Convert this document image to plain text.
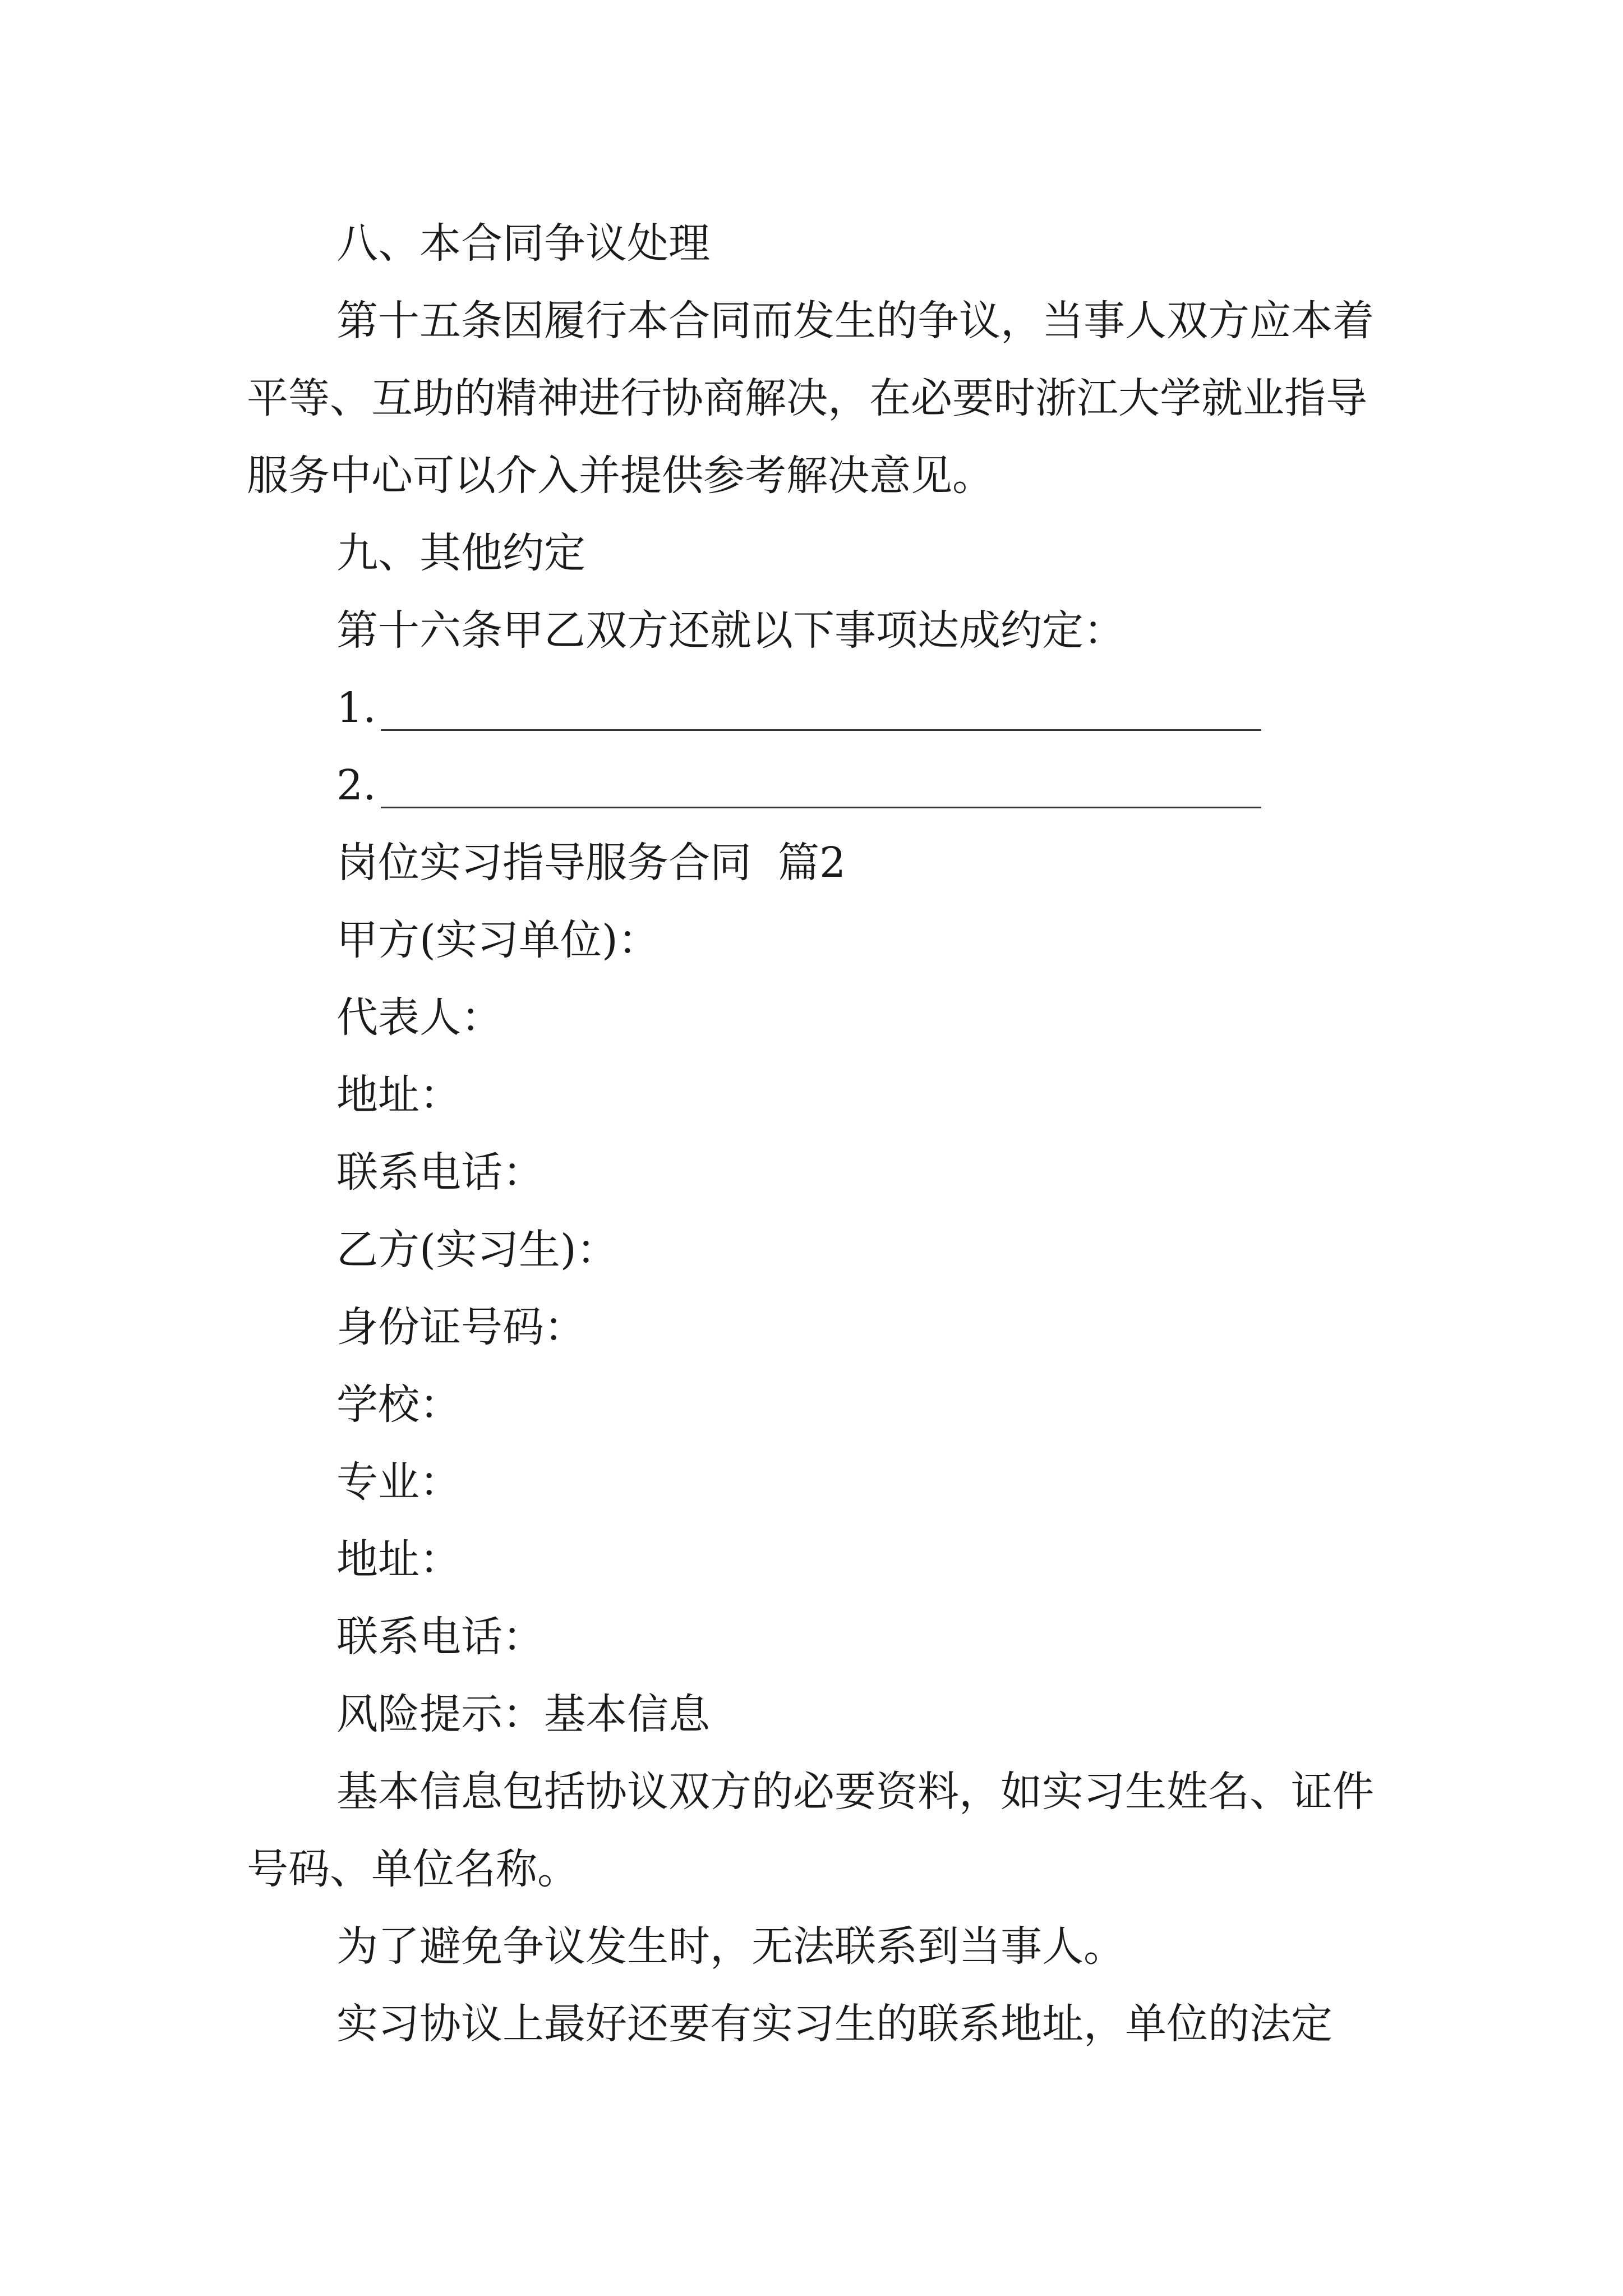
八、本合同争议处理

第十五条因履行本合同而发生的争议，当事人双方应本着平等、互助的精神进行协商解决，在必要时浙江大学就业指导服务中心可以介入并提供参考解决意见。

九、其他约定

第十六条甲乙双方还就以下事项达成约定：

1.

2.

岗位实习指导服务合同  篇2

甲方(实习单位)：

代表人：

地址：

联系电话：

乙方(实习生)：

身份证号码：

学校：

专业：

地址：

联系电话：

风险提示：基本信息

基本信息包括协议双方的必要资料，如实习生姓名、证件号码、单位名称。

为了避免争议发生时，无法联系到当事人。

实习协议上最好还要有实习生的联系地址，单位的法定
